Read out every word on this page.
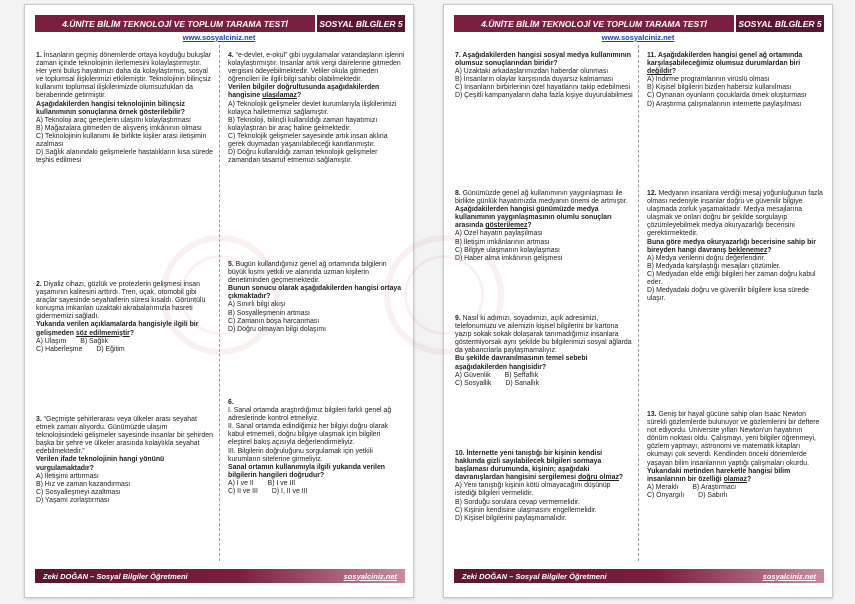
4.ÜNİTE BİLİM TEKNOLOJİ VE TOPLUM TARAMA TESTİ	SOSYAL BİLGİLER 5
www.sosyalciniz.net

1. İnsanların geçmiş dönemlerde ortaya koyduğu buluşlar zaman içinde teknolojinin ilerlemesini kolaylaştırmıştır. Her yeni buluş hayatımızı daha da kolaylaştırmış, sosyal ve toplumsal ilişkilerimizi etkilemiştir. Teknolojinin bilinçsiz kullanımı toplumsal ilişkilerimizde olumsuzlukları da beraberinde getirmiştir.

Aşağıdakilerden hangisi teknolojinin bilinçsiz kullanımının sonuçlarına örnek gösterilebilir?

A) Teknoloji araç gereçlerin ulaşımı kolaylaştırması

B) Mağazalara gitmeden de alışveriş imkânının olması

C) Teknolojinin kullanımı ile birlikte kişiler arası iletişimin azalması

D) Sağlık alanındaki gelişmelerle hastalıkların kısa sürede teşhis edilmesi

2. Diyaliz cihazı, gözlük ve protezlerin gelişmesi insan yaşamının kalitesini arttırdı. Tren, uçak, otomobil gibi araçlar sayesinde seyahatlerin süresi kısaldı. Görüntülü konuşma imkanları uzaktaki akrabalarımızla hasreti gidermemizi sağladı.

Yukarıda verilen açıklamalarda hangisiyle ilgili bir gelişmeden söz edilmemiştir?

A) Ulaşım B) Sağlık
C) Haberleşme D) Eğitim

3. “Geçmişte şehirlerarası veya ülkeler arası seyahat etmek zaman alıyordu. Günümüzde ulaşım teknolojisindeki gelişmeler sayesinde insanlar bir şehirden başka bir şehre ve ülkeler arasında kolaylıkla seyahat edebilmektedir.”

Verilen ifade teknolojinin hangi yönünü vurgulamaktadır?

A) İletişimi arttırması

B) Hız ve zaman kazandırması

C) Sosyalleşmeyi azaltması

D) Yaşamı zorlaştırması

4. “e-devlet, e-okul” gibi uygulamalar vatandaşların işlerini kolaylaştırmıştır. İnsanlar artık vergi dairelerine gitmeden vergisini ödeyebilmektedir. Veliler okula gitmeden öğrencileri ile ilgili bilgi sahibi olabilmektedir.

Verilen bilgiler doğrultusunda aşağıdakilerden hangisine ulaşılamaz?

A) Teknolojik gelişmeler devlet kurumlarıyla ilişkilerimizi kolayca halletmemizi sağlamıştır.

B) Teknoloji, bilinçli kullanıldığı zaman hayatımızı kolaylaştıran bir araç haline gelmektedir.

C) Teknolojik gelişmeler sayesinde artık insan aklına gerek duymadan yaşanılabileceği kanıtlanmıştır.

D) Doğru kullanıldığı zaman teknolojik gelişmeler zamandan tasarruf etmemizi sağlamıştır.

5. Bugün kullandığımız genel ağ ortamında bilgilerin büyük kısmı yetkili ve alanında uzman kişilerin denetiminden geçmemektedir.

Bunun sonucu olarak aşağıdakilerden hangisi ortaya çıkmaktadır?

A) Sınırlı bilgi akışı

B) Sosyalleşmenin artması

C) Zamanın boşa harcanması

D) Doğru olmayan bilgi dolaşımı

6.

I. Sanal ortamda araştırdığımız bilgileri farklı genel ağ adreslerinde kontrol etmeliyiz.

II. Sanal ortamda edindiğimiz her bilgiyi doğru olarak kabul etmemeli, doğru bilgiye ulaşmak için bilgileri eleştirel bakış açısıyla değerlendirmeliyiz.

III. Bilgilerin doğruluğunu sorgulamak için yetkili kurumların sitelerine girmeliyiz.

Sanal ortamın kullanımıyla ilgili yukarıda verilen bilgilerin hangileri doğrudur?

A) I ve II B) I ve III
C) II ve III D) I, II ve III
Zeki DOĞAN – Sosyal Bilgiler Öğretmeni	sosyalciniz.net
4.ÜNİTE BİLİM TEKNOLOJİ VE TOPLUM TARAMA TESTİ	SOSYAL BİLGİLER 5
www.sosyalciniz.net

7. Aşağıdakilerden hangisi sosyal medya kullanımının olumsuz sonuçlarından biridir?

A) Uzaktaki arkadaşlarımızdan haberdar olunması

B) İnsanların olaylar karşısında duyarsız kalmaması

C) İnsanların birbirlerinin özel hayatlarını takip edebilmesi

D) Çeşitli kampanyaların daha fazla kişiye duyurulabilmesi

8. Günümüzde genel ağ kullanımının yaygınlaşması ile birlikte günlük hayatımızda medyanın önemi de artmıştır.

Aşağıdakilerden hangisi günümüzde medya kullanımının yaygınlaşmasının olumlu sonuçları arasında gösterilemez?

A) Özel hayatın paylaşılması

B) İletişim imkânlarının artması

C) Bilgiye ulaşmanın kolaylaşması

D) Haber alma imkânının gelişmesi

9. Nasıl ki adımızı, soyadımızı, açık adresimizi, telefonumuzu ve ailemizin kişisel bilgilerini bir kartona yazıp sokak sokak dolaşarak tanımadığımız insanlara göstermiyorsak aynı şekilde bu bilgilerimizi sosyal ağlarda da yabancılarla paylaşmamalıyız.

Bu şekilde davranılmasının temel sebebi aşağıdakilerden hangisidir?

A) Güvenlik B) Şeffaflık
C) Sosyallik D) Sanallık

10. İnternette yeni tanıştığı bir kişinin kendisi hakkında gizli sayılabilecek bilgileri sormaya başlaması durumunda, kişinin; aşağıdaki davranışlardan hangisini sergilemesi doğru olmaz?

A) Yeni tanıştığı kişinin kötü olmayacağını düşünüp istediği bilgileri vermelidir.

B) Sorduğu sorulara cevap vermemelidir.

C) Kişinin kendisine ulaşmasını engellemelidir.

D) Kişisel bilgilerini paylaşmamalıdır.

11. Aşağıdakilerden hangisi genel ağ ortamında karşılaşabileceğimiz olumsuz durumlardan biri değildir?

A) İndirme programlarının virüslü olması

B) Kişisel bilgilerin bizden habersiz kullanılması

C) Oynanan oyunların çocuklarda örnek oluşturması

D) Araştırma çalışmalarının internette paylaşılması

12. Medyanın insanlara verdiği mesaj yoğunluğunun fazla olması nedeniyle insanlar doğru ve güvenilir bilgiye ulaşmada zorluk yaşamaktadır. Medya mesajlarına ulaşmak ve onları doğru bir şekilde sorgulayıp çözümleyebilmek medya okuryazarlığı becerisini gerektirmektedir.

Buna göre medya okuryazarlığı becerisine sahip bir bireyden hangi davranış beklenemez?

A) Medya verilerini doğru değerlendirir.

B) Medyada karşılaştığı mesajları çözümler.

C) Medyadan elde ettiği bilgileri her zaman doğru kabul eder.

D) Medyadaki doğru ve güvenilir bilgilere kısa sürede ulaşır.

13. Geniş bir hayal gücüne sahip olan Isaac Newton sürekli gözlemlerde bulunuyor ve gözlemlerini bir deftere not ediyordu. Üniversite yılları Newton'un hayatının dönüm noktası oldu. Çalışmayı, yeni bilgiler öğrenmeyi, gözlem yapmayı, astronomi ve matematik kitapları okumayı çok severdi. Kendinden önceki dönemlerde yaşayan bilim insanlarının yaptığı çalışmaları okurdu.

Yukarıdaki metinden hareketle hangisi bilim insanlarının bir özelliği olamaz?

A) Meraklı B) Araştırmacı
C) Önyargılı D) Sabırlı
Zeki DOĞAN – Sosyal Bilgiler Öğretmeni	sosyalciniz.net
